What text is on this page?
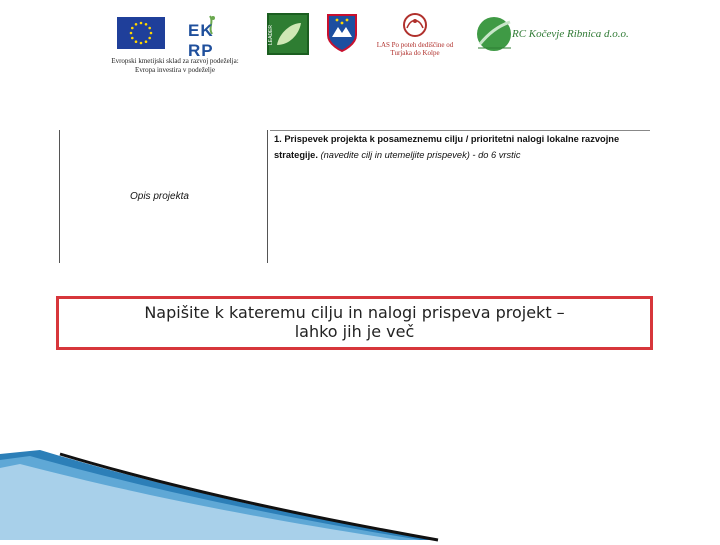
EK RP
LEADER	LAS Po poteh dediščine od Turjaka do Kolpe
RC Kočevje Ribnica d.o.o.
Evropski kmetijski sklad za razvoj podeželja:
Evropa investira v podeželje
1. Prispevek projekta k posameznemu cilju / prioritetni nalogi lokalne razvojne strategije. (navedite cilj in utemeljite prispevek) - do 6 vrstic
Opis projekta
Napišite k kateremu cilju in nalogi prispeva projekt –
lahko jih je več
